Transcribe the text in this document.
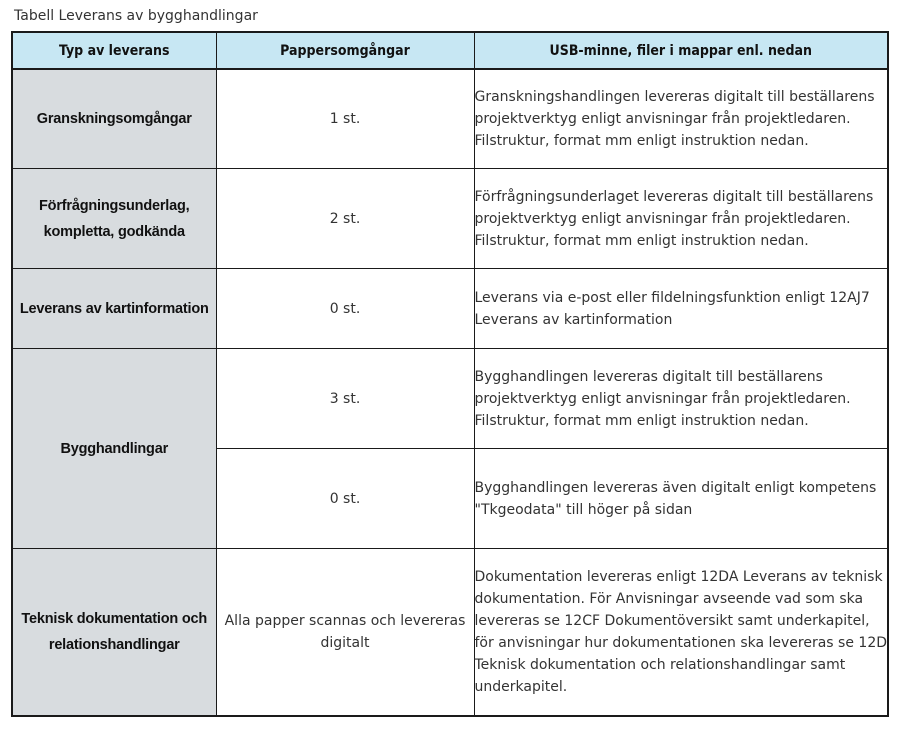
Tabell Leverans av bygghandlingar
Typ av leverans	Pappersomgångar	USB-minne, filer i mappar enl. nedan
Granskningsomgångar	1 st.	Granskningshandlingen levereras digitalt till beställarens projektverktyg enligt anvisningar från projektledaren. Filstruktur, format mm enligt instruktion nedan.
Förfrågningsunderlag, kompletta, godkända	2 st.	Förfrågningsunderlaget levereras digitalt till beställarens projektverktyg enligt anvisningar från projektledaren. Filstruktur, format mm enligt instruktion nedan.
Leverans av kartinformation	0 st.	Leverans via e-post eller fildelningsfunktion enligt 12AJ7 Leverans av kartinformation
Bygghandlingar	3 st.	Bygghandlingen levereras digitalt till beställarens projektverktyg enligt anvisningar från projektledaren. Filstruktur, format mm enligt instruktion nedan.
	0 st.	Bygghandlingen levereras även digitalt enligt kompetens "Tkgeodata" till höger på sidan
Teknisk dokumentation och relationshandlingar	Alla papper scannas och levereras digitalt	Dokumentation levereras enligt 12DA Leverans av teknisk dokumentation. För Anvisningar avseende vad som ska levereras se 12CF Dokumentöversikt samt underkapitel, för anvisningar hur dokumentationen ska levereras se 12D Teknisk dokumentation och relationshandlingar samt underkapitel.
